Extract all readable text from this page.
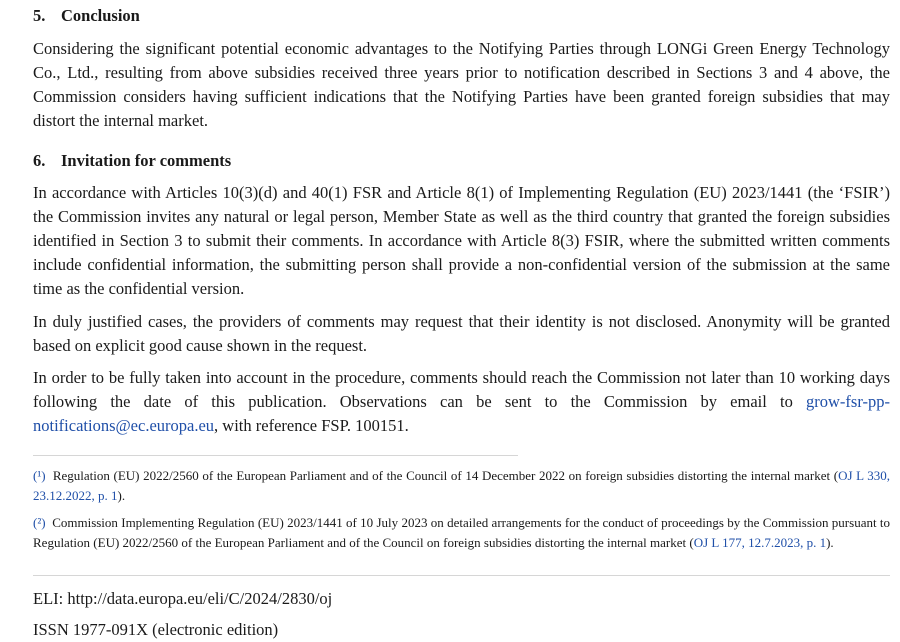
5. Conclusion

Considering the significant potential economic advantages to the Notifying Parties through LONGi Green Energy Technology Co., Ltd., resulting from above subsidies received three years prior to notification described in Sections 3 and 4 above, the Commission considers having sufficient indications that the Notifying Parties have been granted foreign subsidies that may distort the internal market.

6. Invitation for comments

In accordance with Articles 10(3)(d) and 40(1) FSR and Article 8(1) of Implementing Regulation (EU) 2023/1441 (the ‘FSIR’) the Commission invites any natural or legal person, Member State as well as the third country that granted the foreign subsidies identified in Section 3 to submit their comments. In accordance with Article 8(3) FSIR, where the submitted written comments include confidential information, the submitting person shall provide a non-confidential version of the submission at the same time as the confidential version.

In duly justified cases, the providers of comments may request that their identity is not disclosed. Anonymity will be granted based on explicit good cause shown in the request.

In order to be fully taken into account in the procedure, comments should reach the Commission not later than 10 working days following the date of this publication. Observations can be sent to the Commission by email to grow-fsr-pp-notifications@ec.europa.eu, with reference FSP. 100151.

(¹) Regulation (EU) 2022/2560 of the European Parliament and of the Council of 14 December 2022 on foreign subsidies distorting the internal market (OJ L 330, 23.12.2022, p. 1).

(²) Commission Implementing Regulation (EU) 2023/1441 of 10 July 2023 on detailed arrangements for the conduct of proceedings by the Commission pursuant to Regulation (EU) 2022/2560 of the European Parliament and of the Council on foreign subsidies distorting the internal market (OJ L 177, 12.7.2023, p. 1).

ELI: http://data.europa.eu/eli/C/2024/2830/oj

ISSN 1977-091X (electronic edition)
